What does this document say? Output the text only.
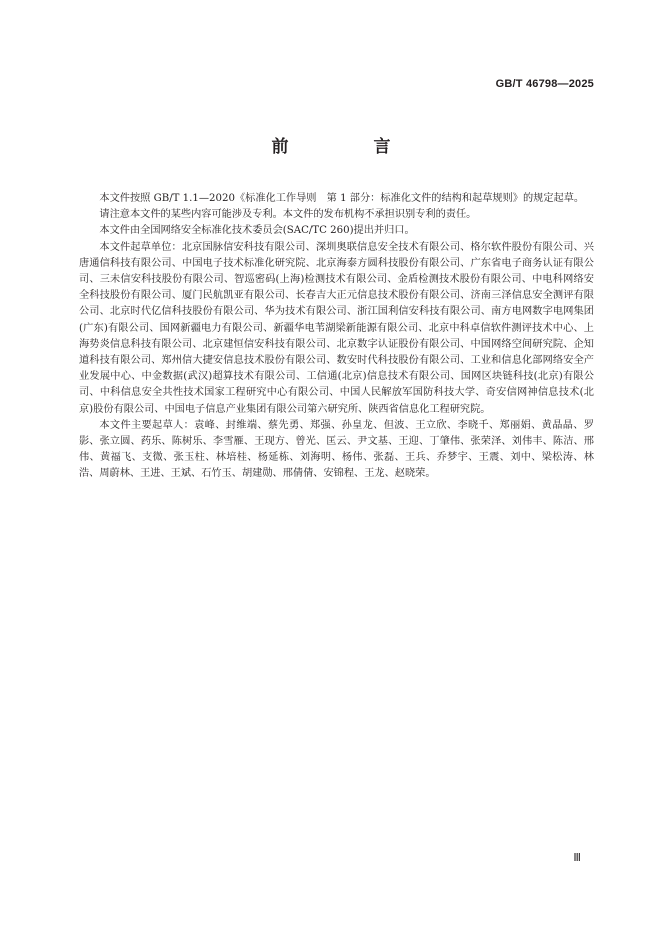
GB/T 46798—2025
前　言

本文件按照 GB/T 1.1—2020《标准化工作导则　第 1 部分：标准化文件的结构和起草规则》的规定起草。

请注意本文件的某些内容可能涉及专利。本文件的发布机构不承担识别专利的责任。

本文件由全国网络安全标准化技术委员会(SAC/TC 260)提出并归口。

本文件起草单位：北京国脉信安科技有限公司、深圳奥联信息安全技术有限公司、格尔软件股份有限公司、兴唐通信科技有限公司、中国电子技术标准化研究院、北京海泰方圆科技股份有限公司、广东省电子商务认证有限公司、三未信安科技股份有限公司、智巡密码(上海)检测技术有限公司、金盾检测技术股份有限公司、中电科网络安全科技股份有限公司、厦门民航凯亚有限公司、长春吉大正元信息技术股份有限公司、济南三泽信息安全测评有限公司、北京时代亿信科技股份有限公司、华为技术有限公司、浙江国利信安科技有限公司、南方电网数字电网集团(广东)有限公司、国网新疆电力有限公司、新疆华电苇湖梁新能源有限公司、北京中科卓信软件测评技术中心、上海势炎信息科技有限公司、北京建恒信安科技有限公司、北京数字认证股份有限公司、中国网络空间研究院、企知道科技有限公司、郑州信大捷安信息技术股份有限公司、数安时代科技股份有限公司、工业和信息化部网络安全产业发展中心、中金数据(武汉)超算技术有限公司、工信通(北京)信息技术有限公司、国网区块链科技(北京)有限公司、中科信息安全共性技术国家工程研究中心有限公司、中国人民解放军国防科技大学、奇安信网神信息技术(北京)股份有限公司、中国电子信息产业集团有限公司第六研究所、陕西省信息化工程研究院。

本文件主要起草人：袁峰、封维端、蔡先勇、郑强、孙皇龙、但波、王立欣、李晓千、郑丽娟、黄晶晶、罗影、张立圆、药乐、陈树乐、李雪雁、王现方、曾光、匡云、尹文基、王迎、丁肇伟、张荣泽、刘伟丰、陈洁、邢伟、黄福飞、支微、张玉柱、林培桂、杨延栋、刘海明、杨伟、张磊、王兵、乔梦宇、王震、刘中、梁松涛、林浩、周蔚林、王进、王斌、石竹玉、胡建勋、邢倩倩、安锦程、王龙、赵晓荣。

Ⅲ
